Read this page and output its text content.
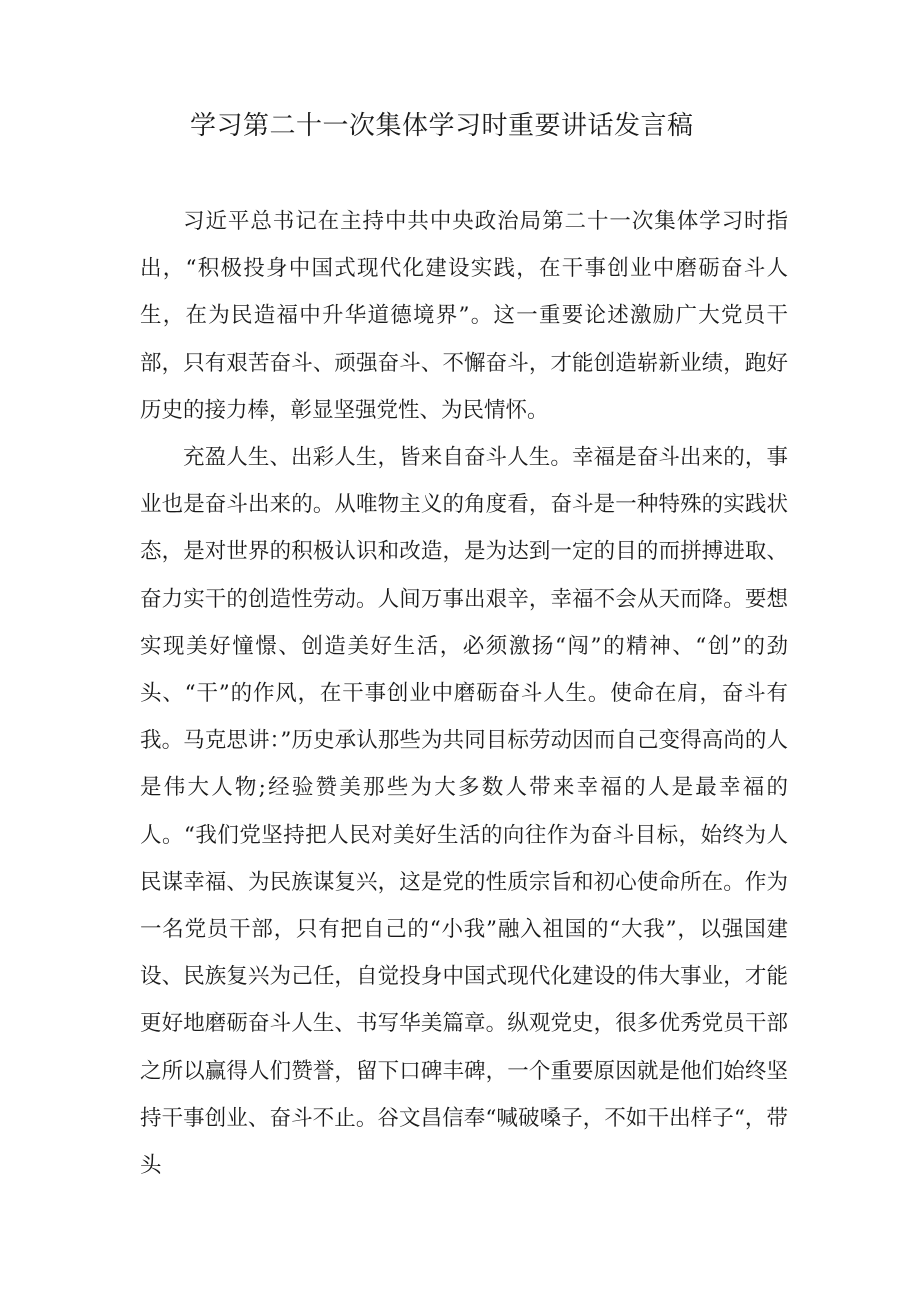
学习第二十一次集体学习时重要讲话发言稿

习近平总书记在主持中共中央政治局第二十一次集体学习时指出，“积极投身中国式现代化建设实践，在干事创业中磨砺奋斗人生，在为民造福中升华道德境界”。这一重要论述激励广大党员干部，只有艰苦奋斗、顽强奋斗、不懈奋斗，才能创造崭新业绩，跑好历史的接力棒，彰显坚强党性、为民情怀。

充盈人生、出彩人生，皆来自奋斗人生。幸福是奋斗出来的，事业也是奋斗出来的。从唯物主义的角度看，奋斗是一种特殊的实践状态，是对世界的积极认识和改造，是为达到一定的目的而拼搏进取、奋力实干的创造性劳动。人间万事出艰辛，幸福不会从天而降。要想实现美好憧憬、创造美好生活，必须激扬“闯”的精神、“创”的劲头、“干”的作风，在干事创业中磨砺奋斗人生。使命在肩，奋斗有我。马克思讲：”历史承认那些为共同目标劳动因而自己变得高尚的人是伟大人物;经验赞美那些为大多数人带来幸福的人是最幸福的人。“我们党坚持把人民对美好生活的向往作为奋斗目标，始终为人民谋幸福、为民族谋复兴，这是党的性质宗旨和初心使命所在。作为一名党员干部，只有把自己的“小我”融入祖国的“大我”，以强国建设、民族复兴为己任，自觉投身中国式现代化建设的伟大事业，才能更好地磨砺奋斗人生、书写华美篇章。纵观党史，很多优秀党员干部之所以赢得人们赞誉，留下口碑丰碑，一个重要原因就是他们始终坚持干事创业、奋斗不止。谷文昌信奉“喊破嗓子，不如干出样子“，带头
